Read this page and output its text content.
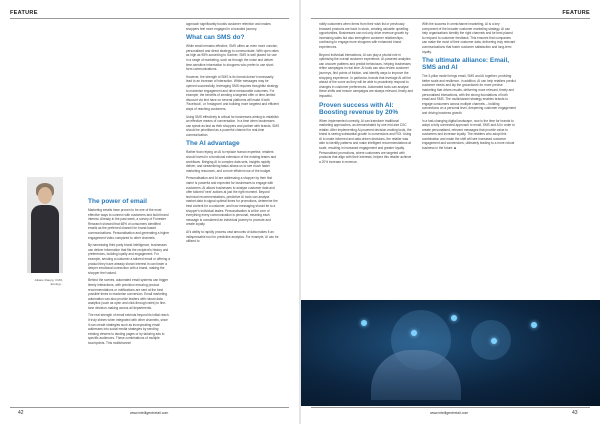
FEATURE
Juliane Raupp, CMO, Ecologi...
The power of email

Marketing emails have proven to be one of the most effective ways to connect with customers and build brand interest. Already in the past week, a survey of Forrester Research showed that 68% of consumers identified emails as the preferred channel for brand-based communications. Personalisation and generating a higher engagement video compared to other channels.

By harnessing third party brand intelligence, businesses can deliver information that fits the recipient's history and preferences, building loyalty and engagement. For example, sending a customer a tailored email or offering a product they have already shown interest in can foster a deeper emotional connection with a brand, making the shopper feel valued.

Behind the scenes, automated email systems can trigger timely interactions, with precision ensuring product recommendations or notifications are sent at the best possible times to maximise conversion. Email marketing automation can also provide leaders with robust data analytics (such as open and click-through rates) to fine-tune decision-making across all departments.

The real strength of email extends beyond its initial reach. It truly shines when integrated with other channels, since it can create strategies such as incorporating email addresses into social media strategies by sending existing viewers to landing pages or by tailoring ads to specific audiences. These combinations of multiple touchpoints. This multichannel

approach significantly boosts customer retention and makes shoppers feel more engaged in a branded journey.

What can SMS do?

While email remains effective, SMS offers an even more concise, personalised and direct strategy to communicate. With open rates as high as 98% according to Gartner, SMS is well placed for use in a range of marketing, such as through the noise and deliver time-sensitive information to shoppers who prefer to use short-form communications.

However, the strength of SMS is its format doesn't necessarily lead to an increase of interaction. While messages may be opened successfully, leveraging SMS requires thoughtful strategy to maximise engagement and drive measurable outcomes. For example, the benefits of sending a targeted offer or time-limited discount via text have on several platforms will make it both 'Facebook', or 'Instagram' and building more targeted and efficient ways of reaching customers.

Using SMS effectively is critical for businesses aiming to establish an effective means of conversation. In a time when businesses can speak as fast as their shoppers and partner with brands, SMS should be prioritised as a powerful channel for real-time communication.

The AI advantage

Rather than relying on AI to replace human expertise, retailers should invest in a functional extension of the existing teams and workflows. Bringing AI to complex data sets, insights rapidly deliver, and streamlining tasks allows us to see much faster marketing resources, and a more efficient use of the budget.

Personalisation and AI are addressing a shopper by their first name is powerful and expected for businesses to engage with customers. AI allows businesses to analyse customer data and offer tailored 'next' actions at just the right moment. Beyond technical recommendations, predictive AI tools can analyse market data to signal optimal times for promotions, determine the best content for a customer, and how messaging should tie to a shopper's individual tastes. Personalisation is at the core of everything every communication is personal, meaning each message is considered an individual journey to promote and create loyalty.

AI's ability to rapidly process vast amounts of data makes it an indispensable tool for predictive analytics. For example, AI can be utilised to

42	www.intelligentretail.com
FEATURE

notify customers when items from their wish list or previously browsed products are back in stock, creating valuable upselling opportunities. Businesses can not only drive revenue growth by increasing sales but also strengthen customer relationships, continuing to engage more shoppers with enhanced brand experiences.

Beyond individual interactions, AI can play a pivotal role in optimising the overall customer experience. AI-powered analytics can uncover patterns and predict behaviours, helping businesses refine campaigns in real time. AI tools can also review customer journeys, find points of friction, and identify ways to improve the shopping experience. In particular, brands that leverage AI will be ahead of the curve as they will be able to proactively respond to changes in customer preferences. Automated tools can analyse these shifts and ensure campaigns are always relevant, timely and impactful.

Proven success with AI: Boosting revenue by 20%

When implemented correctly, AI can transform traditional marketing approaches, as demonstrated by one mid-size D2C retailer. After implementing AI-powered decision-making tools, the brand is seeing substantial growth in conversions and ROI. Using AI to make informed and data-driven decisions, the retailer was able to identify patterns and make intelligent recommendations at scale, resulting in increased engagement and greater loyalty. Personalised promotions, where customers are targeted with products that align with their interests, helped this retailer achieve a 20% increase in revenue.

With the success in omnichannel marketing, AI is a key component of the broader customer marketing strategy. AI can help organisations identify the right channels and be best placed to respond to customer feedback. This ensures that companies can make the most of their customer data, delivering truly relevant communications that foster customer satisfaction and long-term loyalty.

The ultimate alliance: Email, SMS and AI

The 3-pillar model brings email, SMS and AI together, providing better scale and resilience. In addition, AI can help retailers predict customer needs and lay the groundwork for more precise marketing that drives results, delivering more relevant, timely and personalised interactions, with the strong foundations of both email and SMS. The multichannel strategy enables brands to engage consumers across multiple channels – building connections on a personal level, deepening customer engagement and driving business growth.

In a fast-changing digital landscape, now is the time for brands to adopt a fully connected approach to email, SMS and AI in order to create personalised, relevant messages that provide value to customers and increase loyalty. The retailers who adopt this combination and make the shift will see increased customer engagement and conversions, ultimately leading to a more robust business in the future. ■

www.intelligentretail.com	43
